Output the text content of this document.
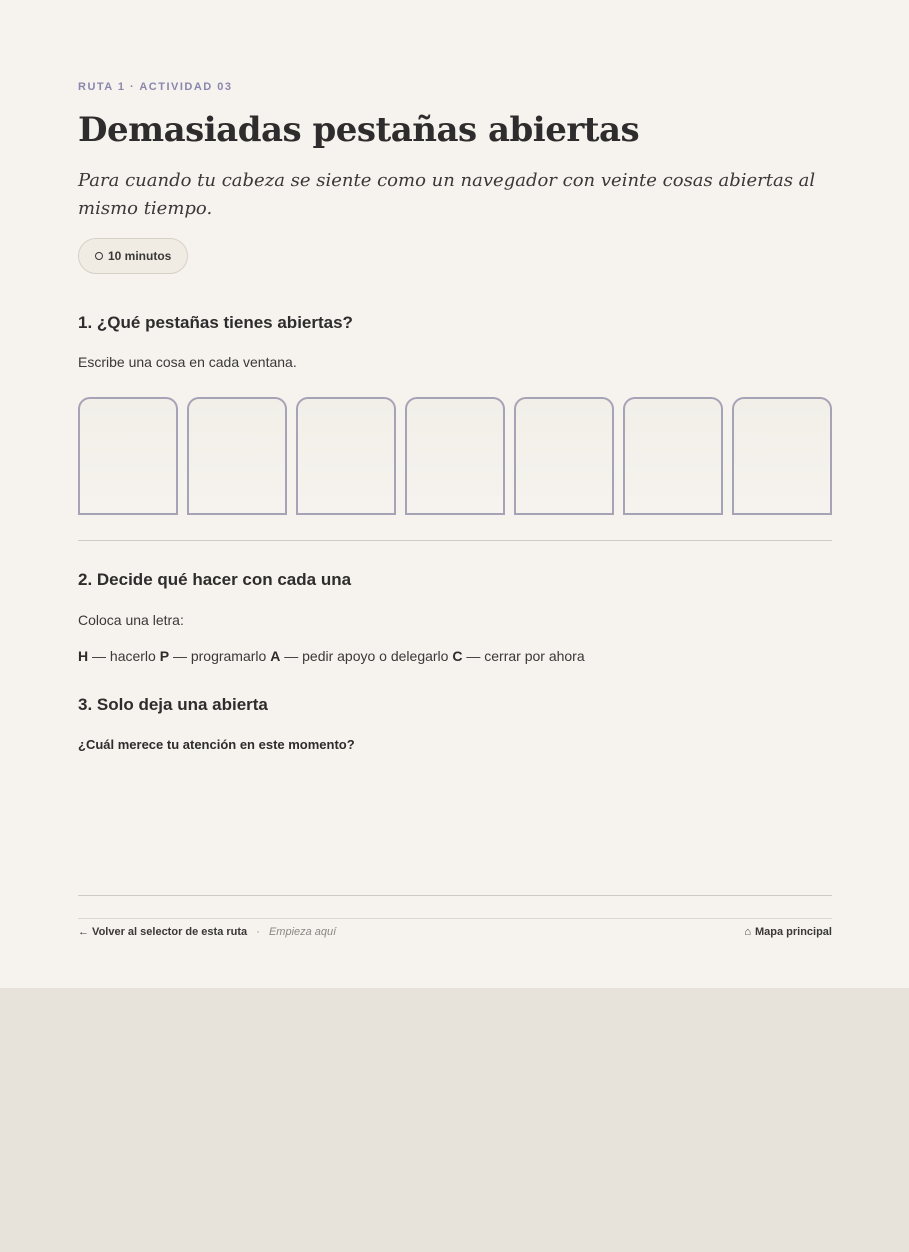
RUTA 1 · ACTIVIDAD 03
Demasiadas pestañas abiertas

Para cuando tu cabeza se siente como un navegador con veinte cosas abiertas al mismo tiempo.

10 minutos
1. ¿Qué pestañas tienes abiertas?

Escribe una cosa en cada ventana.

2. Decide qué hacer con cada una

Coloca una letra:

H — hacerlo P — programarlo A — pedir apoyo o delegarlo C — cerrar por ahora

3. Solo deja una abierta

¿Cuál merece tu atención en este momento?

← Volver al selector de esta ruta · Empieza aquí	⌂ Mapa principal
